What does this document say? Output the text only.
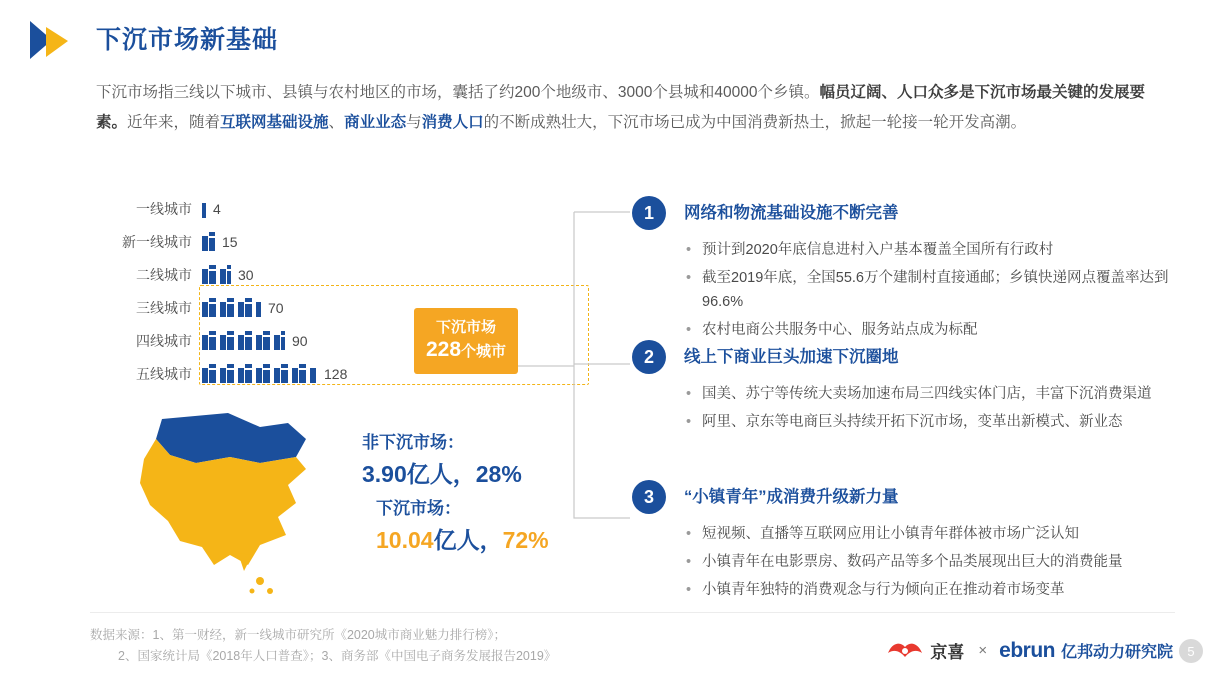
下沉市场新基础
下沉市场指三线以下城市、县镇与农村地区的市场，囊括了约200个地级市、3000个县城和40000个乡镇。幅员辽阔、人口众多是下沉市场最关键的发展要素。近年来，随着互联网基础设施、商业业态与消费人口的不断成熟壮大，下沉市场已成为中国消费新热土，掀起一轮接一轮开发高潮。
一线城市	4
新一线城市	15
二线城市	30
三线城市	70
四线城市	90
五线城市	128
下沉市场
228个城市
非下沉市场：
3.90亿人，28%
下沉市场：
10.04亿人，72%
1	网络和物流基础设施不断完善
• 预计到2020年底信息进村入户基本覆盖全国所有行政村
• 截至2019年底，全国55.6万个建制村直接通邮；乡镇快递网点覆盖率达到96.6%
• 农村电商公共服务中心、服务站点成为标配
2	线上下商业巨头加速下沉圈地
• 国美、苏宁等传统大卖场加速布局三四线实体门店，丰富下沉消费渠道
• 阿里、京东等电商巨头持续开拓下沉市场，变革出新模式、新业态
3	“小镇青年”成消费升级新力量
• 短视频、直播等互联网应用让小镇青年群体被市场广泛认知
• 小镇青年在电影票房、数码产品等多个品类展现出巨大的消费能量
• 小镇青年独特的消费观念与行为倾向正在推动着市场变革
数据来源：1、第一财经，新一线城市研究所《2020城市商业魅力排行榜》；
2、国家统计局《2018年人口普查》；3、商务部《中国电子商务发展报告2019》	京喜 × ebrun 亿邦动力研究院	5
